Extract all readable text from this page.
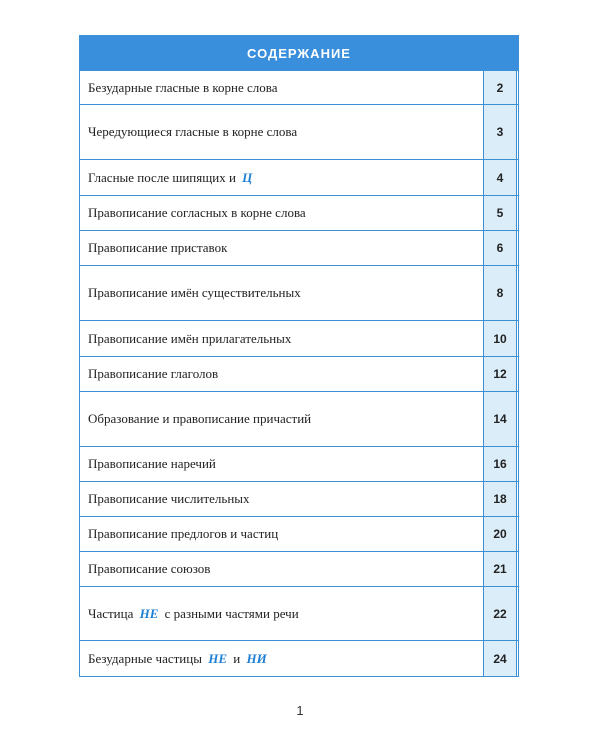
СОДЕРЖАНИЕ
Безударные гласные в корне слова	2
Чередующиеся гласные в корне слова	3
Гласные после шипящих и Ц	4
Правописание согласных в корне слова	5
Правописание приставок	6
Правописание имён существительных	8
Правописание имён прилагательных	10
Правописание глаголов	12
Образование и правописание причастий	14
Правописание наречий	16
Правописание числительных	18
Правописание предлогов и частиц	20
Правописание союзов	21
Частица НЕ с разными частями речи	22
Безударные частицы НЕ и НИ	24
1
